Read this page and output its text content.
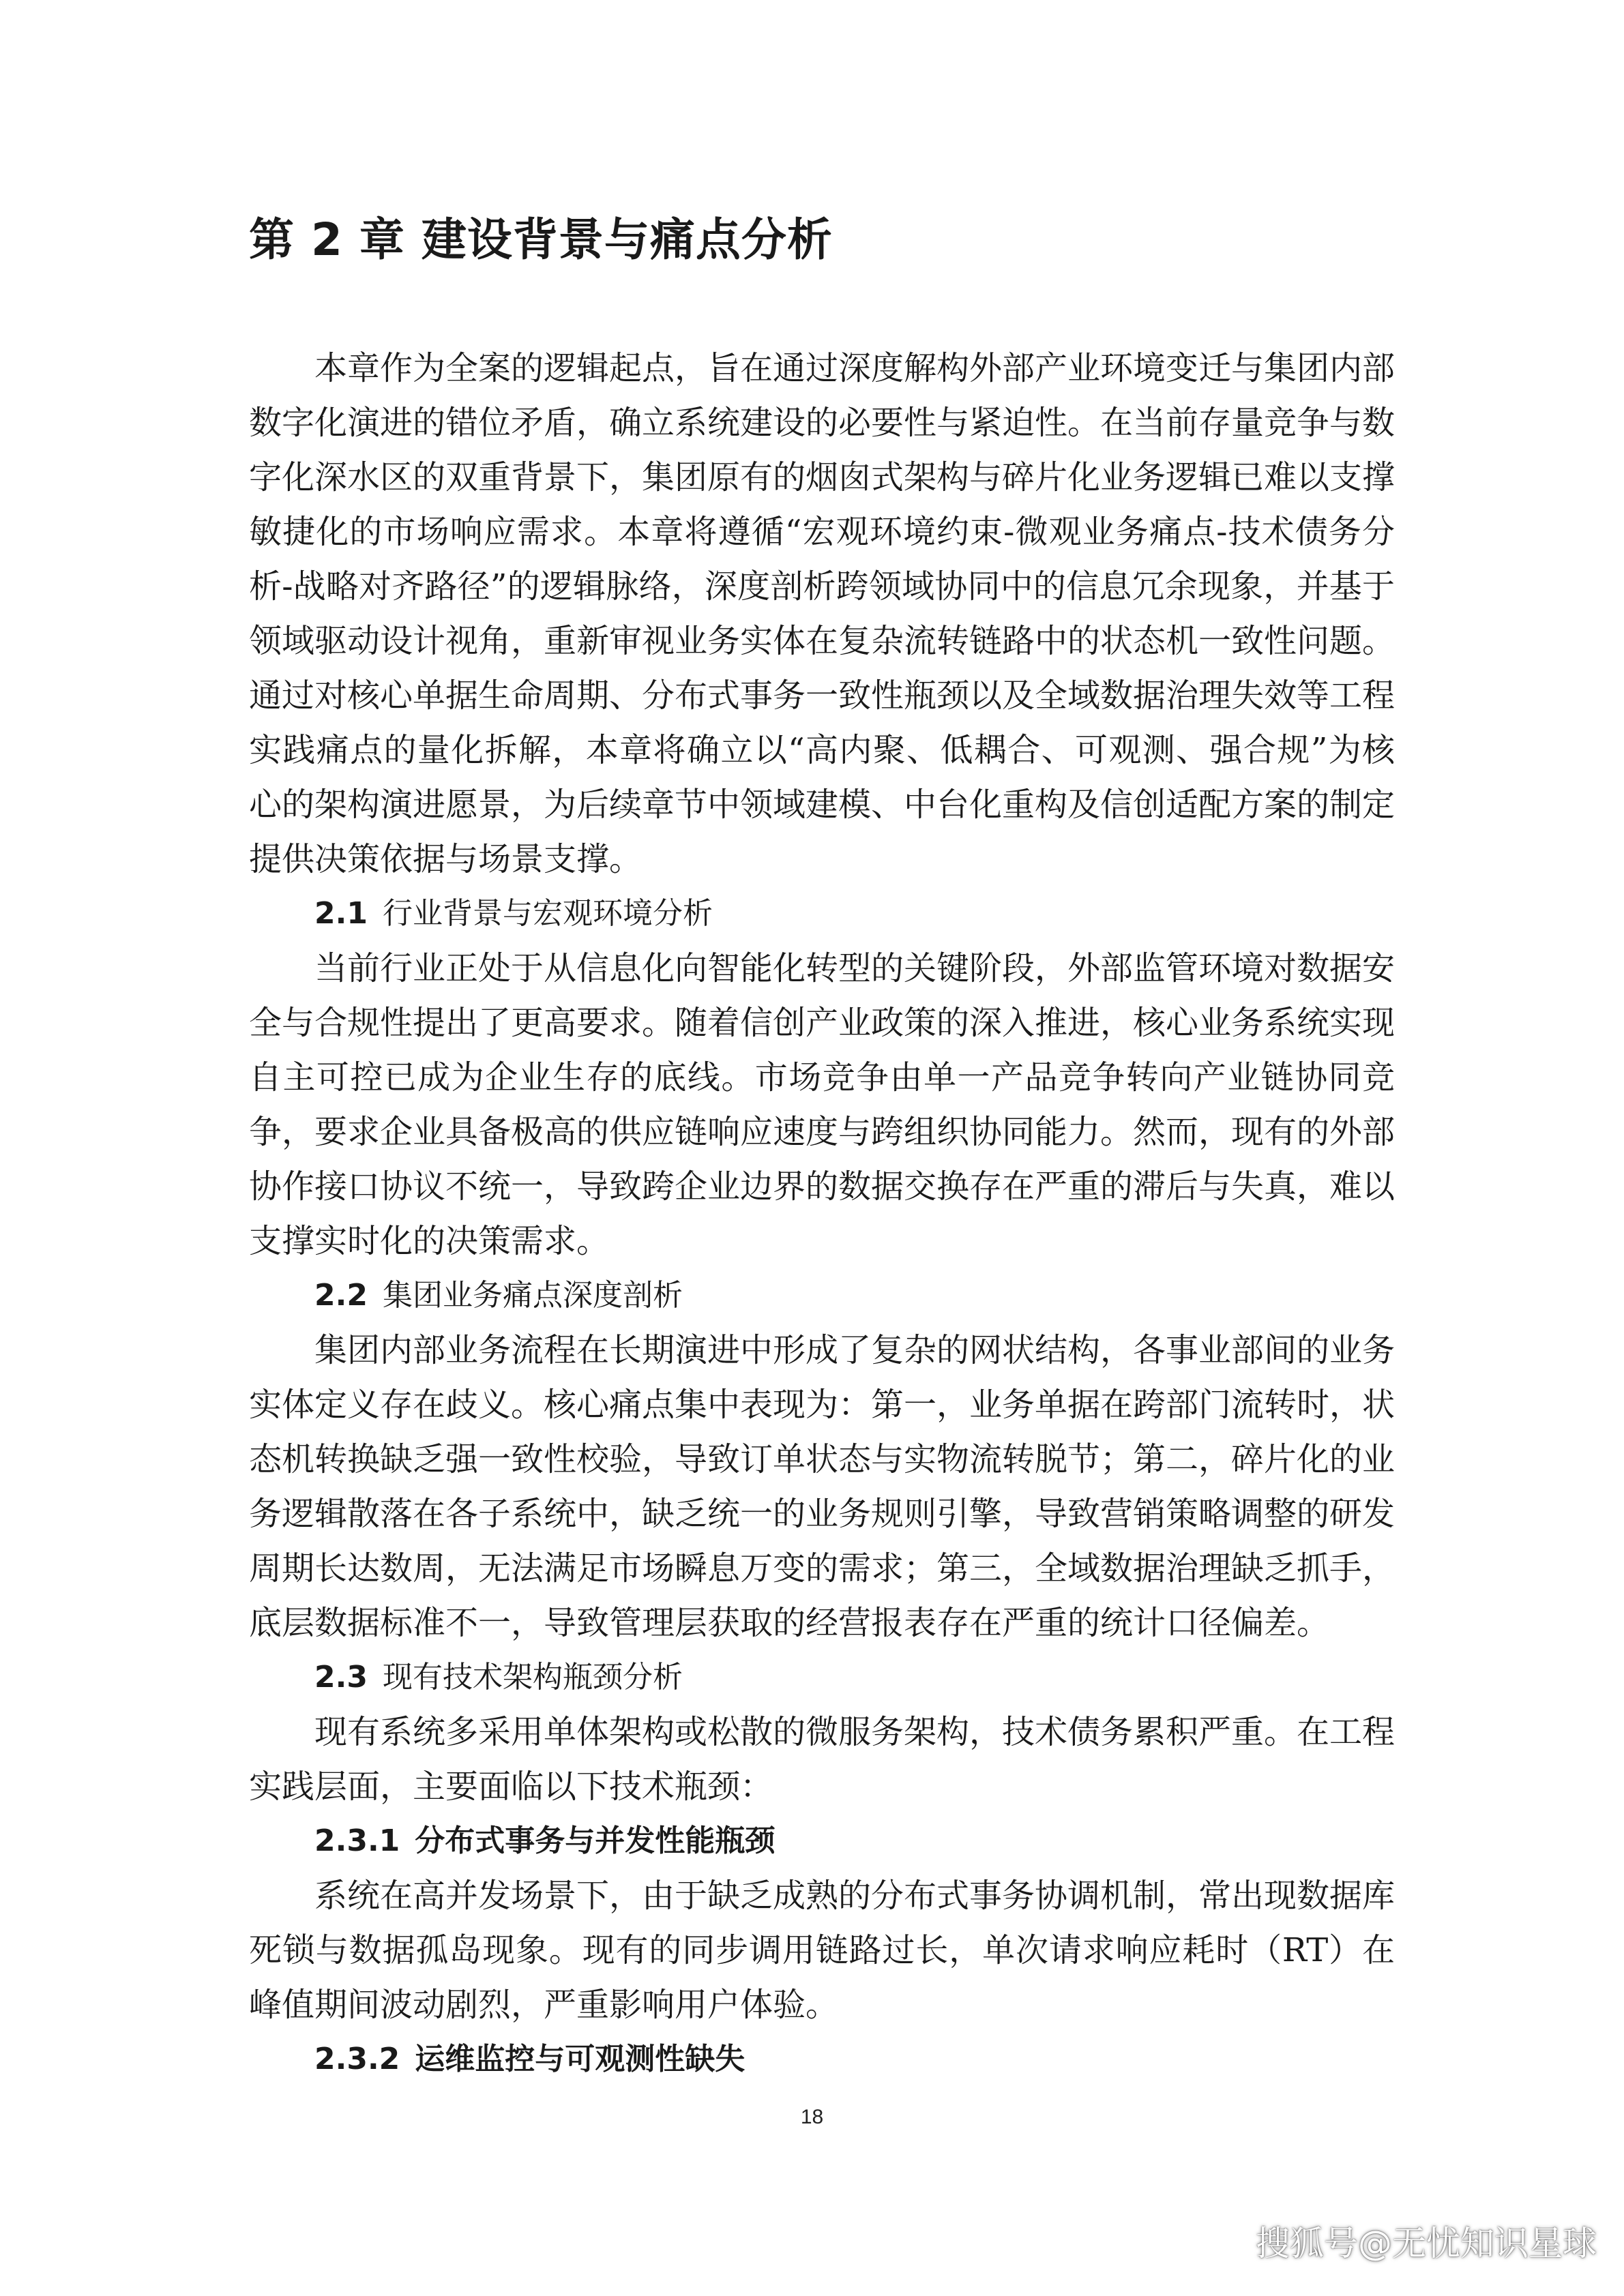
第 2 章 建设背景与痛点分析

本章作为全案的逻辑起点，旨在通过深度解构外部产业环境变迁与集团内部数字化演进的错位矛盾，确立系统建设的必要性与紧迫性。在当前存量竞争与数字化深水区的双重背景下，集团原有的烟囱式架构与碎片化业务逻辑已难以支撑敏捷化的市场响应需求。本章将遵循“宏观环境约束-微观业务痛点-技术债务分析-战略对齐路径”的逻辑脉络，深度剖析跨领域协同中的信息冗余现象，并基于领域驱动设计视角，重新审视业务实体在复杂流转链路中的状态机一致性问题。通过对核心单据生命周期、分布式事务一致性瓶颈以及全域数据治理失效等工程实践痛点的量化拆解，本章将确立以“高内聚、低耦合、可观测、强合规”为核心的架构演进愿景，为后续章节中领域建模、中台化重构及信创适配方案的制定提供决策依据与场景支撑。

2.1 行业背景与宏观环境分析

当前行业正处于从信息化向智能化转型的关键阶段，外部监管环境对数据安全与合规性提出了更高要求。随着信创产业政策的深入推进，核心业务系统实现自主可控已成为企业生存的底线。市场竞争由单一产品竞争转向产业链协同竞争，要求企业具备极高的供应链响应速度与跨组织协同能力。然而，现有的外部协作接口协议不统一，导致跨企业边界的数据交换存在严重的滞后与失真，难以支撑实时化的决策需求。

2.2 集团业务痛点深度剖析

集团内部业务流程在长期演进中形成了复杂的网状结构，各事业部间的业务实体定义存在歧义。核心痛点集中表现为：第一，业务单据在跨部门流转时，状态机转换缺乏强一致性校验，导致订单状态与实物流转脱节；第二，碎片化的业务逻辑散落在各子系统中，缺乏统一的业务规则引擎，导致营销策略调整的研发周期长达数周，无法满足市场瞬息万变的需求；第三，全域数据治理缺乏抓手，底层数据标准不一，导致管理层获取的经营报表存在严重的统计口径偏差。

2.3 现有技术架构瓶颈分析

现有系统多采用单体架构或松散的微服务架构，技术债务累积严重。在工程实践层面，主要面临以下技术瓶颈：

2.3.1 分布式事务与并发性能瓶颈

系统在高并发场景下，由于缺乏成熟的分布式事务协调机制，常出现数据库死锁与数据孤岛现象。现有的同步调用链路过长，单次请求响应耗时（RT）在峰值期间波动剧烈，严重影响用户体验。

2.3.2 运维监控与可观测性缺失
18
搜狐号@无忧知识星球
